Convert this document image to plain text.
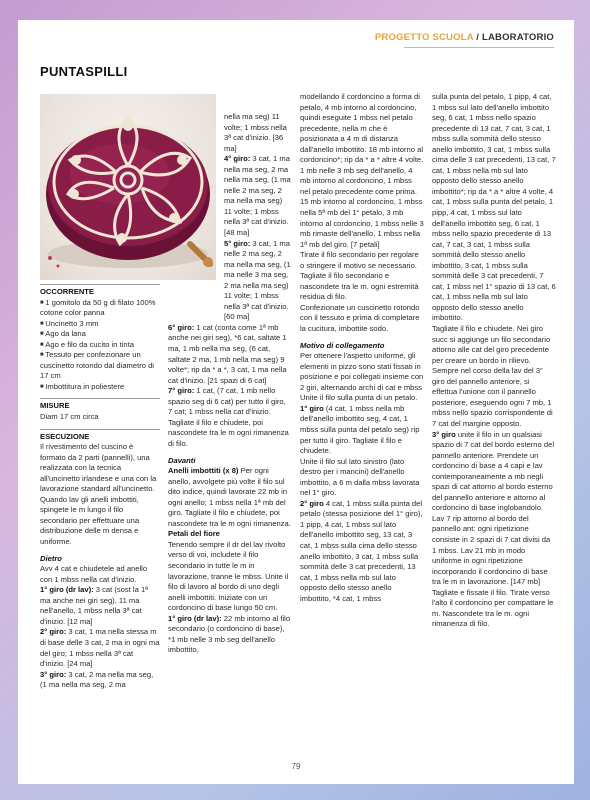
PROGETTO SCUOLA / LABORATORIO
PUNTASPILLI

OCCORRENTE

■ 1 gomitolo da 50 g di filato 100% cotone color panna

■ Uncinetto 3 mm

■ Ago da lana

■ Ago e filo da cucito in tinta

■ Tessuto per confezionare un cuscinetto rotondo dal diametro di 17 cm

■ Imbottitura in poliestere

MISURE

Diam 17 cm circa

ESECUZIONE

Il rivestimento del cuscino è formato da 2 parti (pannelli), una realizzata con la tecnica all'uncinetto irlandese e una con la lavorazione standard all'uncinetto. Quando lav gli anelli imbottiti, spingete le m lungo il filo secondario per effettuare una distribuzione delle m densa e uniforme.

Dietro

Avv 4 cat e chiudetele ad anello con 1 mbss nella cat d'inizio.

1° giro (dr lav): 3 cat (sost la 1ª ma anche nei giri seg), 11 ma nell'anello, 1 mbss nella 3ª cat d'inizio. [12 ma]

2° giro: 3 cat, 1 ma nella stessa m di base delle 3 cat, 2 ma in ogni ma del giro; 1 mbss nella 3ª cat d'inizio. [24 ma]

3° giro: 3 cat, 2 ma nella ma seg, (1 ma nella ma seg, 2 ma

nella ma seg) 11 volte; 1 mbss nella 3ª cat d'inizio. [36 ma]

4° giro: 3 cat, 1 ma nella ma seg, 2 ma nella ma seg, (1 ma nelle 2 ma seg, 2 ma nella ma seg) 11 volte; 1 mbss nella 3ª cat d'inizio. [48 ma]

5° giro: 3 cat, 1 ma nelle 2 ma seg, 2 ma nella ma seg, (1 ma nelle 3 ma seg, 2 ma nella ma seg) 11 volte; 1 mbss nella 3ª cat d'inizio. [60 ma]

6° giro: 1 cat (conta come 1ª mb anche nei giri seg), *6 cat, saltate 1 ma, 1 mb nella ma seg, (6 cat, saltate 2 ma, 1 mb nella ma seg) 9 volte*; rip da * a *, 3 cat, 1 ma nella cat d'inizio. [21 spazi di 6 cat]

7° giro: 1 cat, (7 cat, 1 mb nello spazio seg di 6 cat) per tutto il giro, 7 cat; 1 mbss nella cat d'inizio. Tagliate il filo e chiudete, poi nascondete tra le m ogni rimanenza di filo.

Davanti

Anelli imbottiti (x 8) Per ogni anello, avvolgete più volte il filo sul dito indice, quindi lavorate 22 mb in ogni anello; 1 mbss nella 1ª mb del giro. Tagliate il filo e chiudete, poi nascondete tra le m ogni rimanenza.

Petali del fiore

Tenendo sempre il dr del lav rivolto verso di voi, includete il filo secondario in tutte le m in lavorazione, tranne le mbss. Unite il filo di lavoro al bordo di uno degli anelli imbottiti. Iniziate con un cordoncino di base lungo 50 cm.

1° giro (dr lav): 22 mb intorno al filo secondario (o cordoncino di base), *1 mb nelle 3 mb seg dell'anello imbottito,

modellando il cordoncino a forma di petalo, 4 mb intorno al cordoncino, quindi eseguite 1 mbss nel petalo precedente, nella m che è posizionata a 4 m di distanza dall'anello imbottito. 18 mb intorno al cordoncino*; rip da * a * altre 4 volte. 1 mb nelle 3 mb seg dell'anello, 4 mb intorno al cordoncino, 1 mbss nel petalo precedente come prima. 15 mb intorno al cordoncino, 1 mbss nella 5ª mb del 1° petalo, 3 mb intorno al cordoncino, 1 mbss nelle 3 mb rimaste dell'anello, 1 mbss nella 1ª mb del giro. [7 petali]

Tirate il filo secondario per regolare o stringere il motivo se necessario. Tagliate il filo secondario e nascondete tra le m. ogni estremità residua di filo.

Confezionate un cuscinetto rotondo con il tessuto e prima di completare la cucitura, imbottite sodo.

Motivo di collegamento

Per ottenere l'aspetto uniforme, gli elementi in pizzo sono stati fissati in posizione e poi collegati insieme con 2 giri, alternando archi di cat e mbss

Unite il filo sulla punta di un petalo.

1° giro (4 cat, 1 mbss nella mb dell'anello imbottito seg, 4 cat, 1 mbss sulla punta del petalo seg) rip per tutto il giro. Tagliate il filo e chiudete.

Unite il filo sul lato sinistro (lato destro per i mancini) dell'anello imbottito, a 6 m dalla mbss lavorata nel 1° giro.

2° giro 4 cat, 1 mbss sulla punta del petalo (stessa posizione del 1° giro), 1 pipp, 4 cat, 1 mbss sul lato dell'anello imbottito seg, 13 cat, 3 cat, 1 mbss sulla cima dello stesso anello imbottito, 3 cat, 1 mbss sulla sommità delle 3 cat precedenti, 13 cat, 1 mbss nella mb sul lato opposto dello stesso anello imbottito, *4 cat, 1 mbss

sulla punta del petalo, 1 pipp, 4 cat, 1 mbss sul lato dell'anello imbottito seg, 6 cat, 1 mbss nello spazio precedente di 13 cat, 7 cat, 3 cat, 1 mbss sulla sommità dello stesso anello imbottito, 3 cat, 1 mbss sulla cima delle 3 cat precedenti, 13 cat, 7 cat, 1 mbss nella mb sul lato opposto dello stesso anello imbottito*; rip da * a * altre 4 volte, 4 cat, 1 mbss sulla punta del petalo, 1 pipp, 4 cat, 1 mbss sul lato dell'anello imbottito seg, 6 cat, 1 mbss nello spazio precedente di 13 cat, 7 cat, 3 cat, 1 mbss sulla sommità dello stesso anello imbottito, 3 cat, 1 mbss sulla sommità delle 3 cat precedenti, 7 cat, 1 mbss nel 1° spazio di 13 cat, 6 cat, 1 mbss nella mb sul lato opposto dello stesso anello imbottito.

Tagliate il filo e chiudete. Nei giro succ si aggiunge un filo secondario attorno alle cat del giro precedente per creare un bordo in rilievo. Sempre nel corso della lav del 3° giro del pannello anteriore, si effettua l'unione con il pannello posteriore, eseguendo ogni 7 mb, 1 mbss nello spazio corrispondente di 7 cat del margine opposto.

3° giro unite il filo in un qualsiasi spazio di 7 cat del bordo esterno del pannello anteriore. Prendete un cordoncino di base a 4 capi e lav contemporaneamente a mb negli spazi di cat attorno al bordo esterno del pannello anteriore e attorno al cordoncino di base inglobandolo.

Lav 7 rip attorno al bordo del pannello ant: ogni ripetizione consiste in 2 spazi di 7 cat divisi da 1 mbss. Lav 21 mb in modo uniforme in ogni ripetizione incorporando il cordoncino di base tra le m in lavorazione. [147 mb]

Tagliate e fissate il filo. Tirate verso l'alto il cordoncino per compattare le m. Nascondete tra le m. ogni rimanenza di filo.

79
PassionForum.ru
